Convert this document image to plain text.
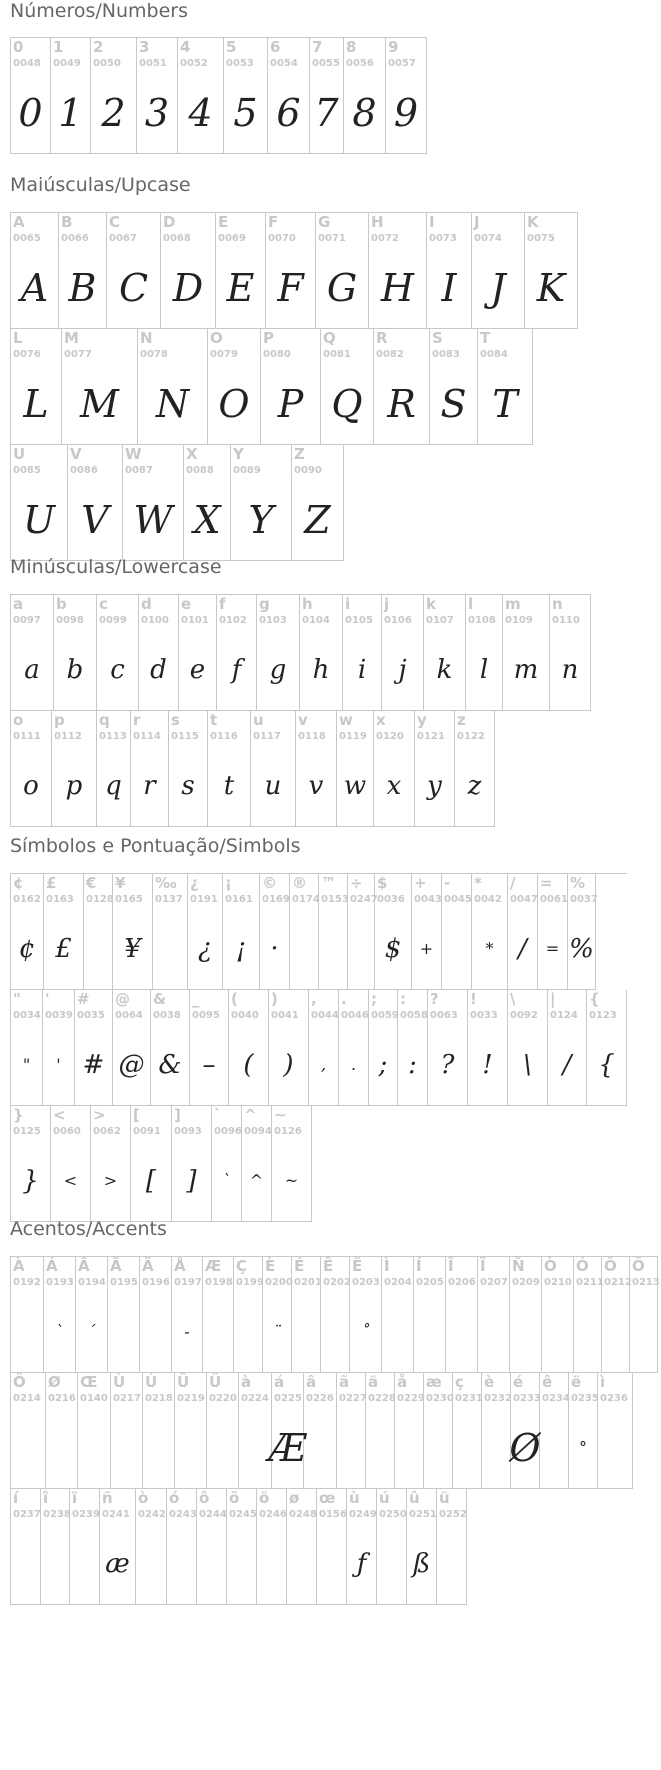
Números/Numbers
0
0048
0
1
0049
1
2
0050
2
3
0051
3
4
0052
4
5
0053
5
6
0054
6
7
0055
7
8
0056
8
9
0057
9
Maiúsculas/Upcase
A
0065
A
B
0066
B
C
0067
C
D
0068
D
E
0069
E
F
0070
F
G
0071
G
H
0072
H
I
0073
I
J
0074
J
K
0075
K
L
0076
L
M
0077
M
N
0078
N
O
0079
O
P
0080
P
Q
0081
Q
R
0082
R
S
0083
S
T
0084
T
U
0085
U
V
0086
V
W
0087
W
X
0088
X
Y
0089
Y
Z
0090
Z
Minúsculas/Lowercase
a
0097
a
b
0098
b
c
0099
c
d
0100
d
e
0101
e
f
0102
f
g
0103
g
h
0104
h
i
0105
i
j
0106
j
k
0107
k
l
0108
l
m
0109
m
n
0110
n
o
0111
o
p
0112
p
q
0113
q
r
0114
r
s
0115
s
t
0116
t
u
0117
u
v
0118
v
w
0119
w
x
0120
x
y
0121
y
z
0122
z
Símbolos e Pontuação/Simbols
¢
0162
¢
£
0163
£
€
0128
¥
0165
¥
‰
0137
¿
0191
¿
¡
0161
¡
©
0169
·
®
0174
™
0153
÷
0247
$
0036
$
+
0043
+
-
0045
*
0042
*
/
0047
/
=
0061
=
%
0037
%
"
0034
"
'
0039
'
#
0035
#
@
0064
@
&
0038
&
_
0095
–
(
0040
(
)
0041
)
,
0044
,
.
0046
.
;
0059
;
:
0058
:
?
0063
?
!
0033
!
\
0092
\
|
0124
/
{
0123
{
}
0125
}
<
0060
<
>
0062
>
[
0091
[
]
0093
]
`
0096
`
^
0094
^
~
0126
~
Acentos/Accents
À
0192
Á
0193
`
Â
0194
´
Ã
0195
Ä
0196
Å
0197
-
Æ
0198
Ç
0199
È
0200
¨
É
0201
Ê
0202
Ë
0203
˚
Ì
0204
Í
0205
Î
0206
Ï
0207
Ñ
0209
Ò
0210
Ó
0211
Ô
0212
Õ
0213
Ö
0214
Ø
0216
Œ
0140
Ù
0217
Ú
0218
Û
0219
Ü
0220
à
0224
á
0225
Æ
â
0226
ã
0227
ä
0228
å
0229
æ
0230
ç
0231
è
0232
é
0233
Ø
ê
0234
ë
0235
°
ì
0236
í
0237
î
0238
ï
0239
ñ
0241
æ
ò
0242
ó
0243
ô
0244
õ
0245
ö
0246
ø
0248
œ
0156
ù
0249
ƒ
ú
0250
û
0251
ß
ü
0252
